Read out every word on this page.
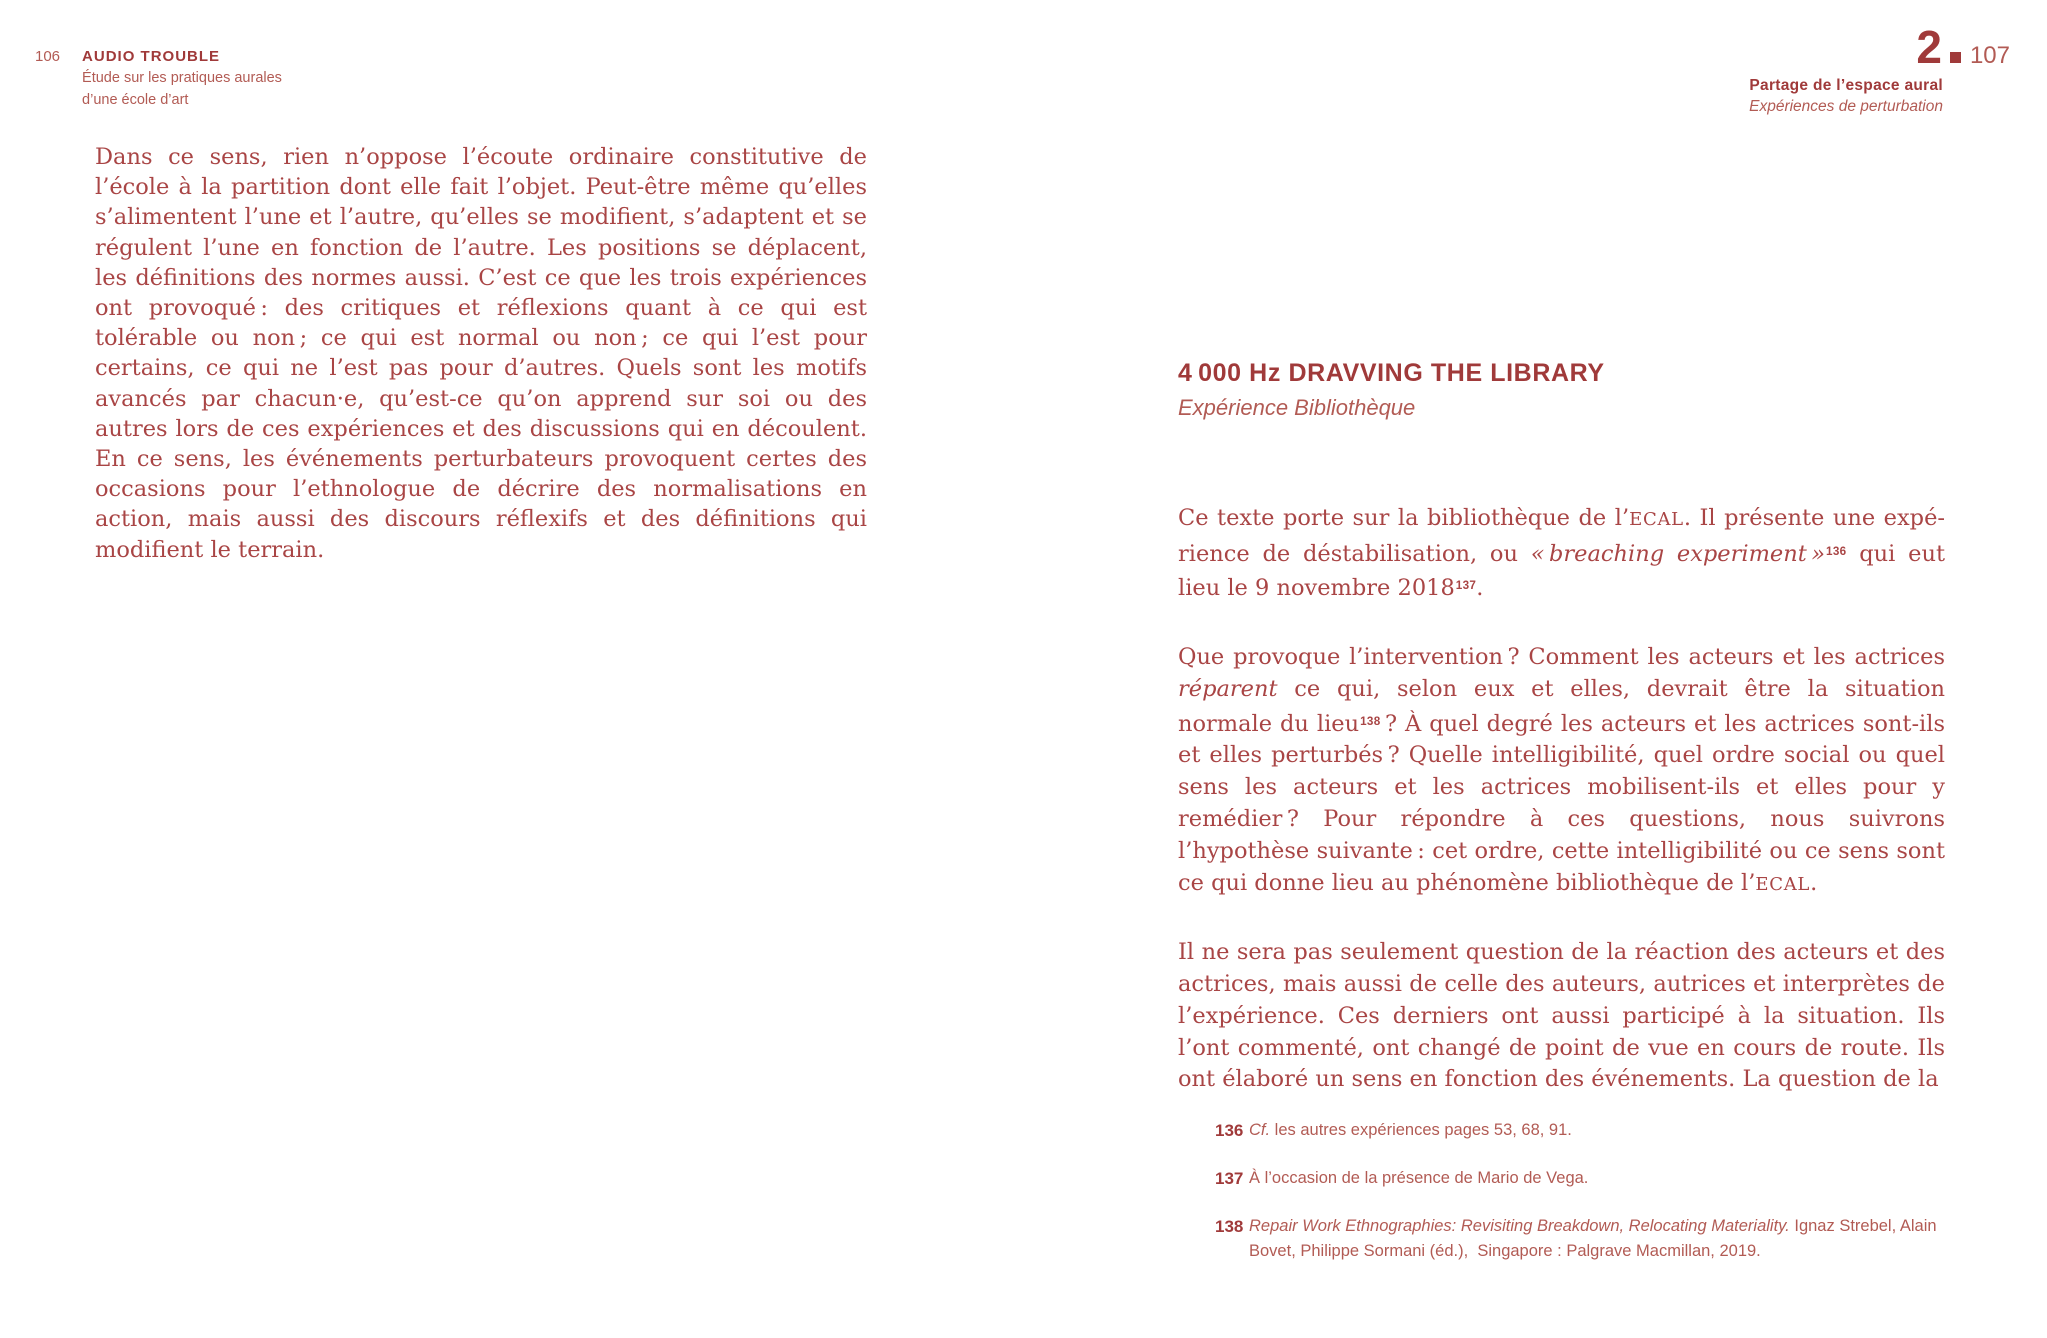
106 AUDIO TROUBLE
Étude sur les pratiques aurales
d’une école d’art

Dans ce sens, rien n’oppose l’écoute ordinaire constitutive de l’école à la partition dont elle fait l’objet. Peut-être même qu’elles s’alimentent l’une et l’autre, qu’elles se modifient, s’adaptent et se régulent l’une en fonction de l’autre. Les positions se déplacent, les définitions des normes aussi. C’est ce que les trois expériences ont provoqué : des critiques et réflexions quant à ce qui est tolérable ou non ; ce qui est normal ou non ; ce qui l’est pour certains, ce qui ne l’est pas pour d’autres. Quels sont les motifs avancés par chacun·e, qu’est-ce qu’on apprend sur soi ou des autres lors de ces expériences et des discussions qui en découlent. En ce sens, les événements perturbateurs provoquent certes des occasions pour l’ethnologue de décrire des normalisations en action, mais aussi des discours réflexifs et des définitions qui modifient le terrain.

2 107
Partage de l’espace aural
Expériences de perturbation
4 000 Hz DRAVVING THE LIBRARY
Expérience Bibliothèque

Ce texte porte sur la bibliothèque de l’ECAL. Il présente une expérience de déstabilisation, ou « breaching experiment »$^{136}$ qui eut lieu le 9 novembre 2018$^{137}$.

Que provoque l’intervention ? Comment les acteurs et les actrices réparent ce qui, selon eux et elles, devrait être la situation normale du lieu$^{138}$ ? À quel degré les acteurs et les actrices sont-ils et elles perturbés ? Quelle intelligibilité, quel ordre social ou quel sens les acteurs et les actrices mobilisent-ils et elles pour y remédier ? Pour répondre à ces questions, nous suivrons l’hypothèse suivante : cet ordre, cette intelligibilité ou ce sens sont ce qui donne lieu au phénomène bibliothèque de l’ECAL.

Il ne sera pas seulement question de la réaction des acteurs et des actrices, mais aussi de celle des auteurs, autrices et interprètes de l’expérience. Ces derniers ont aussi participé à la situation. Ils l’ont commenté, ont changé de point de vue en cours de route. Ils ont élaboré un sens en fonction des événements. La question de la

136 Cf. les autres expériences pages 53, 68, 91.
137 À l’occasion de la présence de Mario de Vega.
138 Repair Work Ethnographies: Revisiting Breakdown, Relocating Materiality. Ignaz Strebel, Alain Bovet, Philippe Sormani (éd.),  Singapore : Palgrave Macmillan, 2019.
